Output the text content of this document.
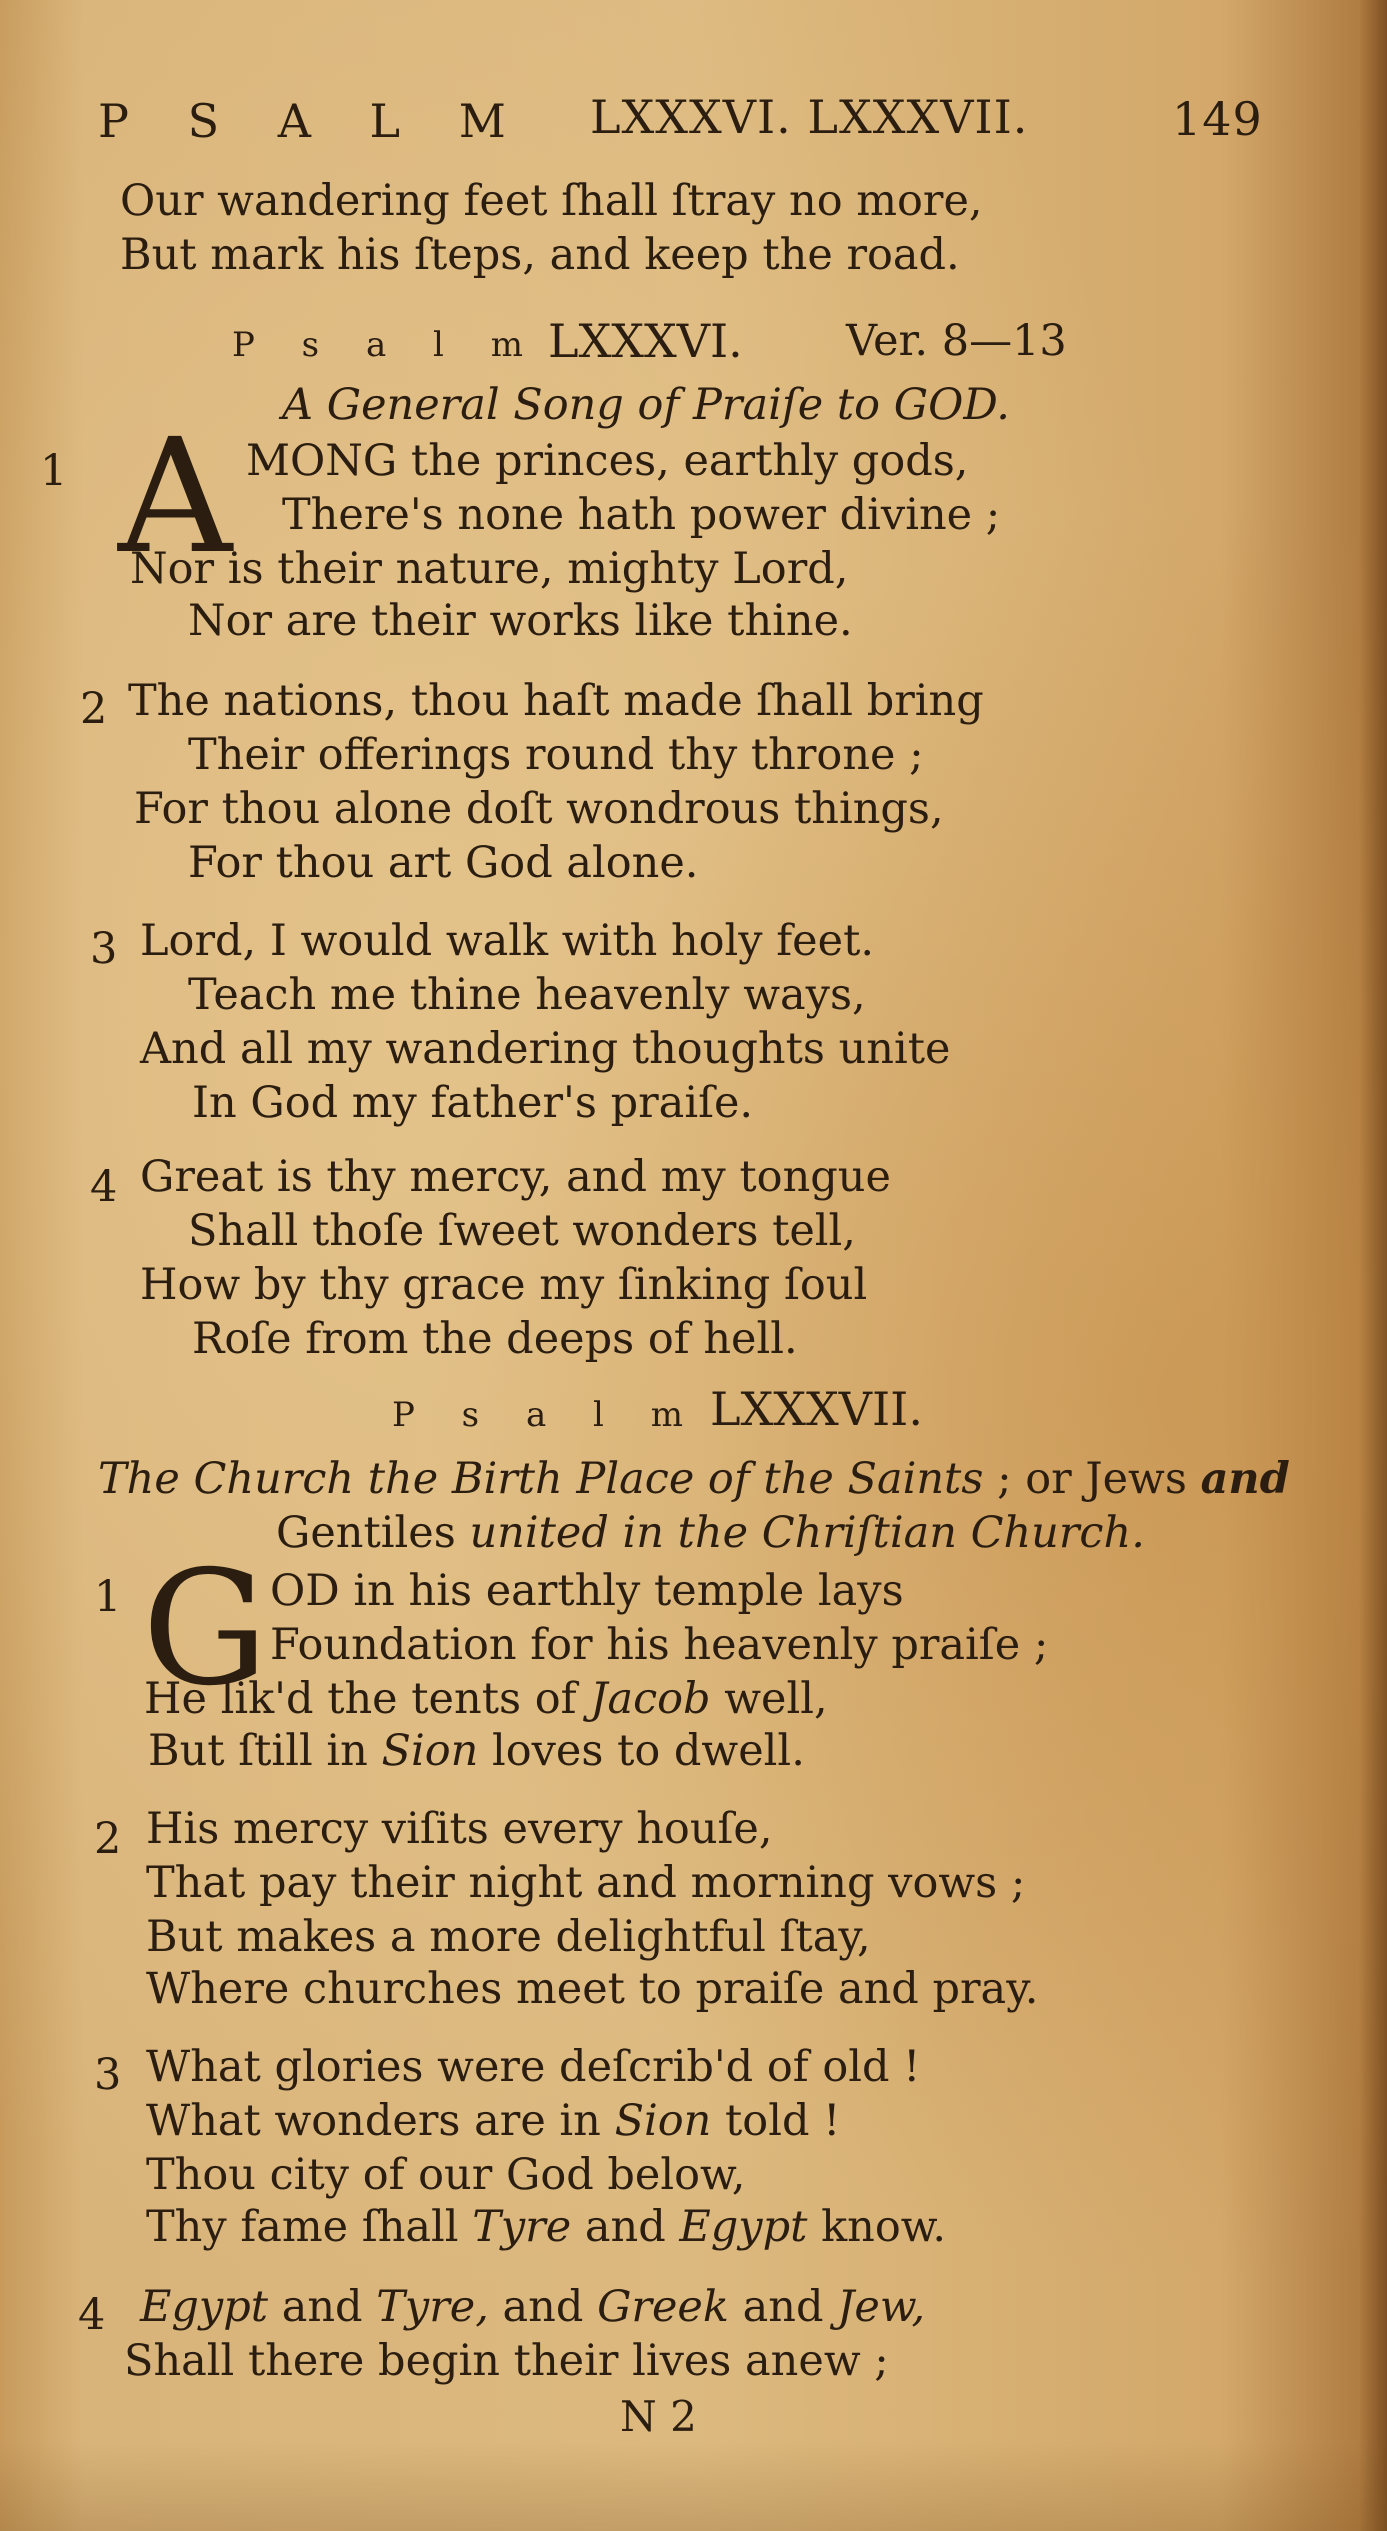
P S A L M LXXXVI. LXXXVII.	149
Our wandering feet ſhall ſtray no more,
But mark his ſteps, and keep the road.
P s a l m LXXXVI. Ver. 8—13
A General Song of Praiſe to GOD.
1 A MONG the princes, earthly gods,
There's none hath power divine ;
Nor is their nature, mighty Lord,
Nor are their works like thine.
2 The nations, thou haſt made ſhall bring
Their offerings round thy throne ;
For thou alone doſt wondrous things,
For thou art God alone.
3 Lord, I would walk with holy feet.
Teach me thine heavenly ways,
And all my wandering thoughts unite
In God my father's praiſe.
4 Great is thy mercy, and my tongue
Shall thoſe ſweet wonders tell,
How by thy grace my ſinking ſoul
Roſe from the deeps of hell.
P s a l m LXXXVII.
The Church the Birth Place of the Saints ; or Jews and
Gentiles united in the Chriſtian Church.
1 G OD in his earthly temple lays
Foundation for his heavenly praiſe ;
He lik'd the tents of Jacob well,
But ſtill in Sion loves to dwell.
2 His mercy viſits every houſe,
That pay their night and morning vows ;
But makes a more delightful ſtay,
Where churches meet to praiſe and pray.
3 What glories were deſcrib'd of old !
What wonders are in Sion told !
Thou city of our God below,
Thy fame ſhall Tyre and Egypt know.
4 Egypt and Tyre, and Greek and Jew,
Shall there begin their lives anew ;
N 2
